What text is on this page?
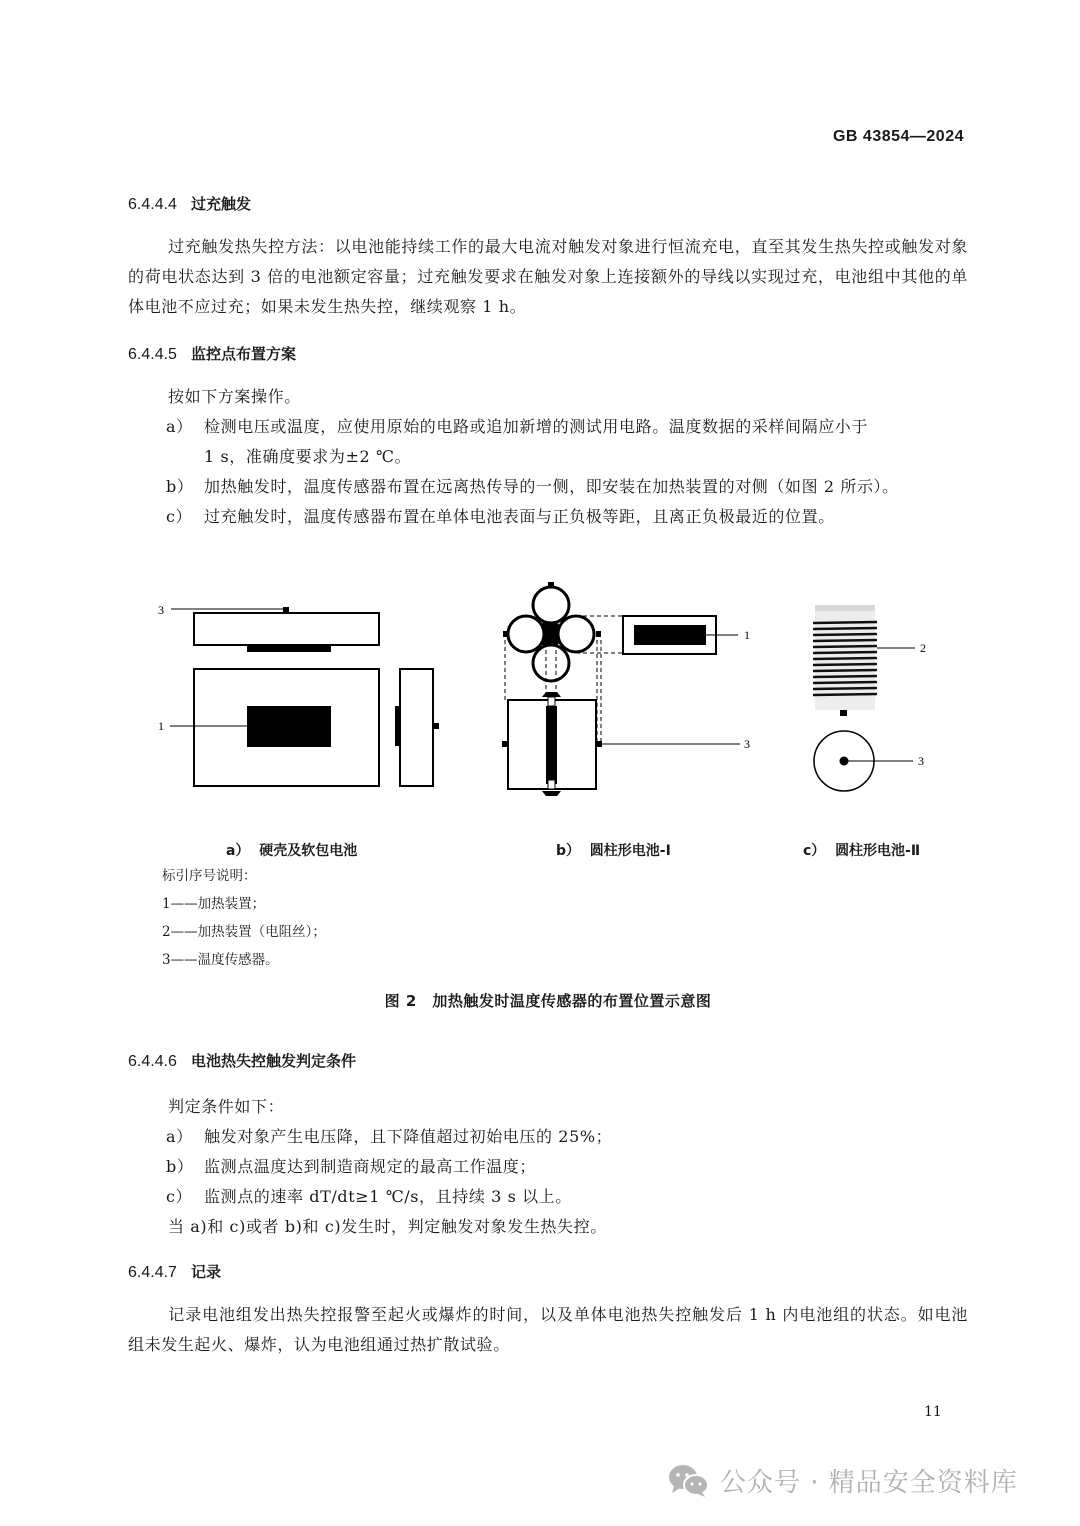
GB 43854—2024
6.4.4.4 过充触发
过充触发热失控方法：以电池能持续工作的最大电流对触发对象进行恒流充电，直至其发生热失控或触发对象的荷电状态达到 3 倍的电池额定容量；过充触发要求在触发对象上连接额外的导线以实现过充，电池组中其他的单体电池不应过充；如果未发生热失控，继续观察 1 h。
6.4.4.5 监控点布置方案
按如下方案操作。
a） 检测电压或温度，应使用原始的电路或追加新增的测试用电路。温度数据的采样间隔应小于
1 s，准确度要求为±2 ℃。
b） 加热触发时，温度传感器布置在远离热传导的一侧，即安装在加热装置的对侧（如图 2 所示）。
c） 过充触发时，温度传感器布置在单体电池表面与正负极等距，且离正负极最近的位置。
3
1
1
3
2
3
a） 硬壳及软包电池	b） 圆柱形电池-Ⅰ	c） 圆柱形电池-Ⅱ
标引序号说明：
1——加热装置；
2——加热装置（电阻丝）；
3——温度传感器。
图 2　加热触发时温度传感器的布置位置示意图
6.4.4.6 电池热失控触发判定条件
判定条件如下：
a） 触发对象产生电压降，且下降值超过初始电压的 25%；
b） 监测点温度达到制造商规定的最高工作温度；
c） 监测点的速率 dT/dt≥1 ℃/s，且持续 3 s 以上。
当 a)和 c)或者 b)和 c)发生时，判定触发对象发生热失控。
6.4.4.7 记录
记录电池组发出热失控报警至起火或爆炸的时间，以及单体电池热失控触发后 1 h 内电池组的状态。如电池组未发生起火、爆炸，认为电池组通过热扩散试验。
11
公众号 · 精品安全资料库
